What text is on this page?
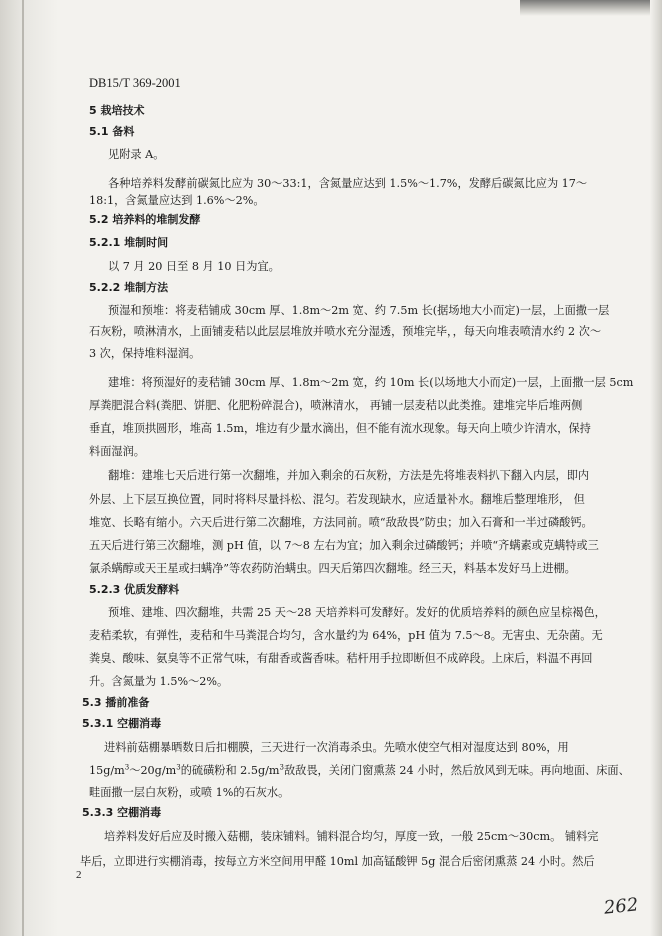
DB15/T 369-2001
5 栽培技术
5.1 备料
见附录 A。
各种培养料发酵前碳氮比应为 30～33:1，含氮量应达到 1.5%～1.7%，发酵后碳氮比应为 17～
18:1，含氮量应达到 1.6%～2%。
5.2 培养料的堆制发酵
5.2.1 堆制时间
以 7 月 20 日至 8 月 10 日为宜。
5.2.2 堆制方法
预湿和预堆：将麦秸铺成 30cm 厚、1.8m～2m 宽、约 7.5m 长(据场地大小而定)一层，上面撒一层
石灰粉，喷淋清水，上面铺麦秸以此层层堆放并喷水充分湿透，预堆完毕，，每天向堆表喷清水约 2 次～
3 次，保持堆料湿润。
建堆：将预湿好的麦秸铺 30cm 厚、1.8m～2m 宽，约 10m 长(以场地大小而定)一层，上面撒一层 5cm
厚粪肥混合料(粪肥、饼肥、化肥粉碎混合)，喷淋清水， 再铺一层麦秸以此类推。建堆完毕后堆两侧
垂直，堆顶拱圆形，堆高 1.5m，堆边有少量水滴出，但不能有流水现象。每天向上喷少许清水，保持
料面湿润。
翻堆：建堆七天后进行第一次翻堆，并加入剩余的石灰粉，方法是先将堆表料扒下翻入内层，即内
外层、上下层互换位置，同时将料尽量抖松、混匀。若发现缺水，应适量补水。翻堆后整理堆形， 但
堆宽、长略有缩小。六天后进行第二次翻堆，方法同前。喷“敌敌畏”防虫；加入石膏和一半过磷酸钙。
五天后进行第三次翻堆，测 pH 值，以 7～8 左右为宜；加入剩余过磷酸钙；并喷“齐螨素或克螨特或三
氯杀螨醇或天王星或扫螨净”等农药防治螨虫。四天后第四次翻堆。经三天，料基本发好马上进棚。
5.2.3 优质发酵料
预堆、建堆、四次翻堆，共需 25 天～28 天培养料可发酵好。发好的优质培养料的颜色应呈棕褐色，
麦秸柔软，有弹性，麦秸和牛马粪混合均匀，含水量约为 64%，pH 值为 7.5～8。无害虫、无杂菌。无
粪臭、酸味、氨臭等不正常气味，有甜香或酱香味。秸杆用手拉即断但不成碎段。上床后，料温不再回
升。含氮量为 1.5%～2%。
5.3 播前准备
5.3.1 空棚消毒
进料前菇棚暴晒数日后扣棚膜，三天进行一次消毒杀虫。先喷水使空气相对湿度达到 80%，用
$15g/m^3\sim 20g/m^3$的硫磺粉和 $2.5g/m^3$敌敌畏，关闭门窗熏蒸 24 小时，然后放风到无味。再向地面、床面、
畦面撒一层白灰粉，或喷 1%的石灰水。
5.3.3 空棚消毒
培养料发好后应及时搬入菇棚，装床铺料。铺料混合均匀，厚度一致，一般 25cm～30cm。 铺料完
毕后，立即进行实棚消毒，按每立方米空间用甲醛 10ml 加高锰酸钾 5g 混合后密闭熏蒸 24 小时。然后
2
262
